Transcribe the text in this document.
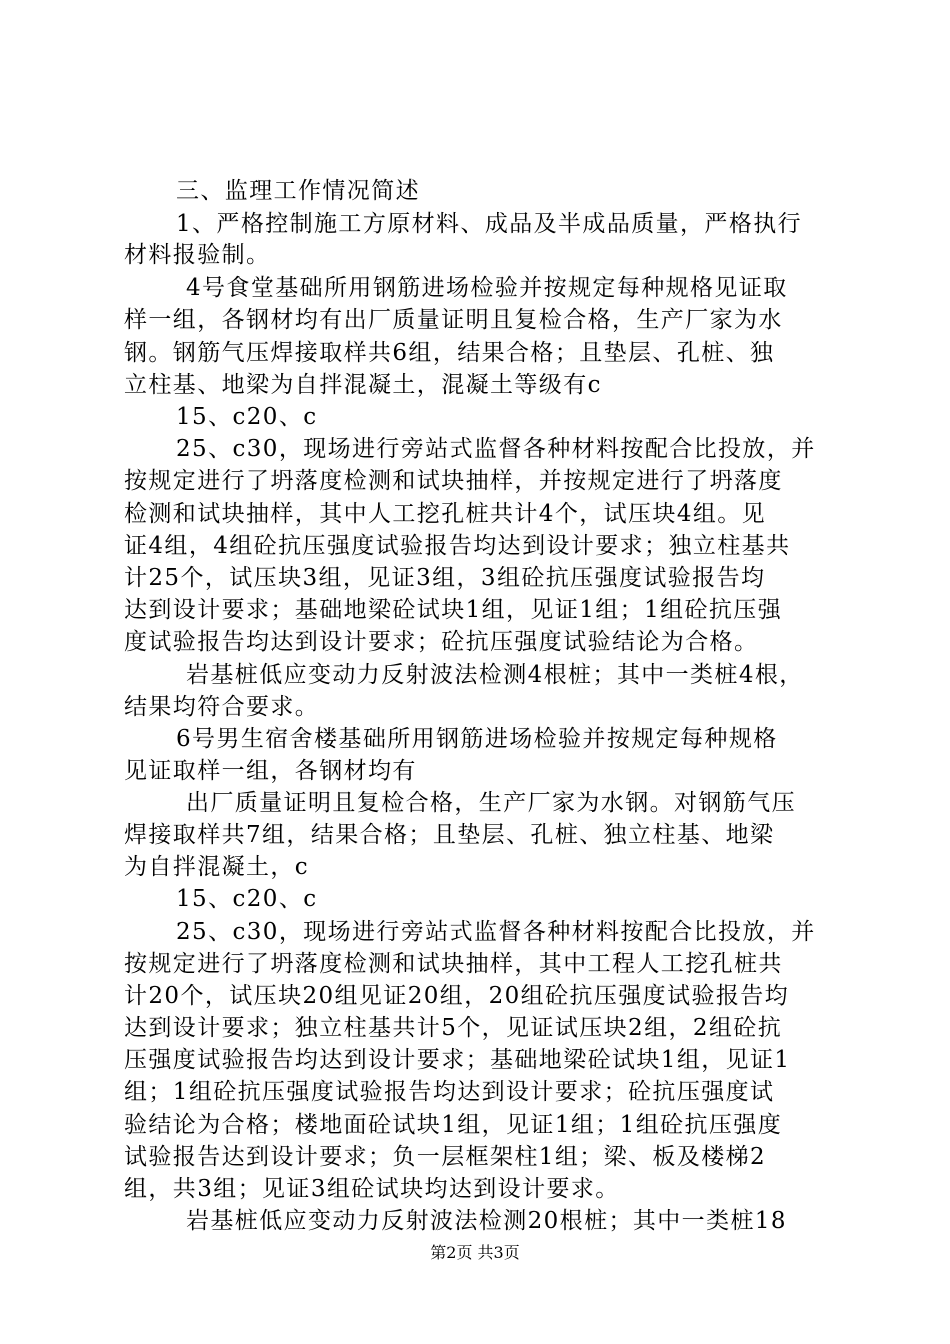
三、监理工作情况简述
1、严格控制施工方原材料、成品及半成品质量，严格执行
材料报验制。
4号食堂基础所用钢筋进场检验并按规定每种规格见证取
样一组，各钢材均有出厂质量证明且复检合格，生产厂家为水
钢。钢筋气压焊接取样共6组，结果合格；且垫层、孔桩、独
立柱基、地梁为自拌混凝土，混凝土等级有c
15、c20、c
25、c30，现场进行旁站式监督各种材料按配合比投放，并
按规定进行了坍落度检测和试块抽样，并按规定进行了坍落度
检测和试块抽样，其中人工挖孔桩共计4个，试压块4组。见
证4组，4组砼抗压强度试验报告均达到设计要求；独立柱基共
计25个，试压块3组，见证3组，3组砼抗压强度试验报告均
达到设计要求；基础地梁砼试块1组，见证1组；1组砼抗压强
度试验报告均达到设计要求；砼抗压强度试验结论为合格。
岩基桩低应变动力反射波法检测4根桩；其中一类桩4根，
结果均符合要求。
6号男生宿舍楼基础所用钢筋进场检验并按规定每种规格
见证取样一组，各钢材均有
出厂质量证明且复检合格，生产厂家为水钢。对钢筋气压
焊接取样共7组，结果合格；且垫层、孔桩、独立柱基、地梁
为自拌混凝土，c
15、c20、c
25、c30，现场进行旁站式监督各种材料按配合比投放，并
按规定进行了坍落度检测和试块抽样，其中工程人工挖孔桩共
计20个，试压块20组见证20组，20组砼抗压强度试验报告均
达到设计要求；独立柱基共计5个，见证试压块2组，2组砼抗
压强度试验报告均达到设计要求；基础地梁砼试块1组，见证1
组；1组砼抗压强度试验报告均达到设计要求；砼抗压强度试
验结论为合格；楼地面砼试块1组，见证1组；1组砼抗压强度
试验报告达到设计要求；负一层框架柱1组；梁、板及楼梯2
组，共3组；见证3组砼试块均达到设计要求。
岩基桩低应变动力反射波法检测20根桩；其中一类桩18
第2页 共3页
